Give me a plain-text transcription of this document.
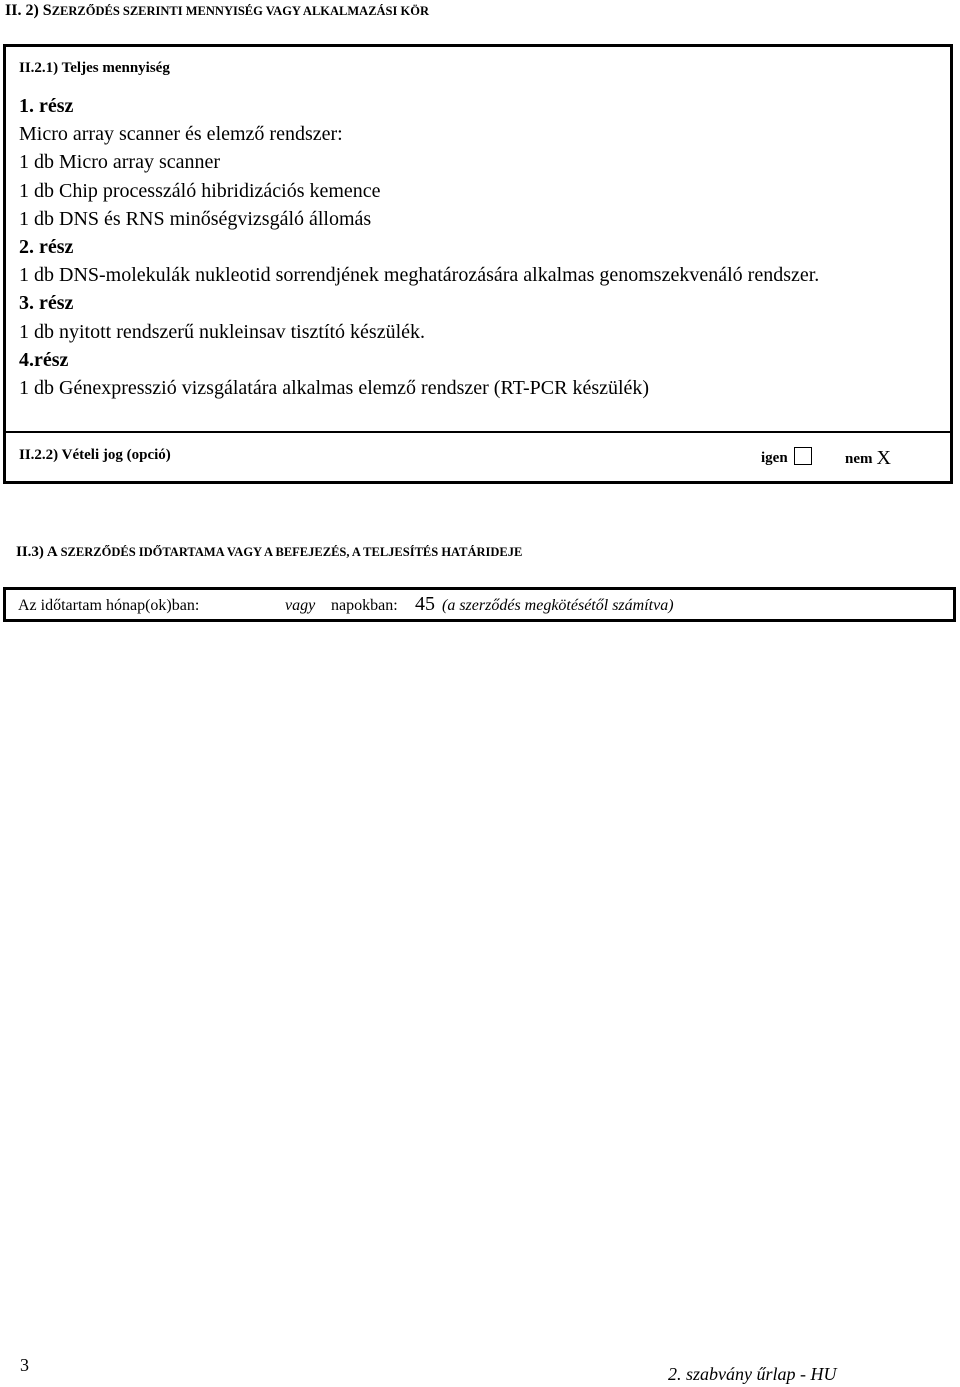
II. 2) SZERZŐDÉS SZERINTI MENNYISÉG VAGY ALKALMAZÁSI KÖR
II.2.1) Teljes mennyiség
1. rész
Micro array scanner és elemző rendszer:
1 db Micro array scanner
1 db Chip processzáló hibridizációs kemence
1 db DNS és RNS minőségvizsgáló állomás
2. rész
1 db DNS-molekulák nukleotid sorrendjének meghatározására alkalmas genomszekvenáló rendszer.
3. rész
1 db nyitott rendszerű nukleinsav tisztító készülék.
4.rész
1 db Génexpresszió vizsgálatára alkalmas elemző rendszer (RT-PCR készülék)
II.2.2) Vételi jog (opció)	igen	nem X
II.3) A SZERZŐDÉS IDŐTARTAMA VAGY A BEFEJEZÉS, A TELJESÍTÉS HATÁRIDEJE
Az időtartam hónap(ok)ban:	vagy napokban: 45 (a szerződés megkötésétől számítva)
3	2. szabvány űrlap - HU
